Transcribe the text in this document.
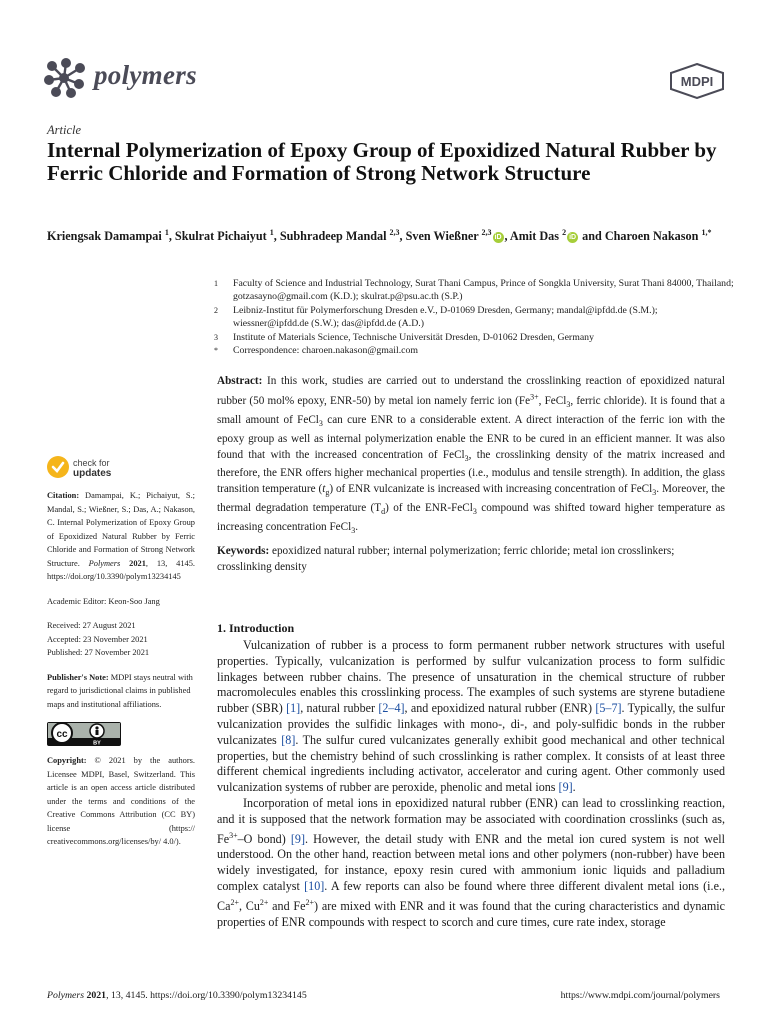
polymers	MDPI
Article
Internal Polymerization of Epoxy Group of Epoxidized Natural Rubber by Ferric Chloride and Formation of Strong Network Structure
Kriengsak Damampai $^1$, Skulrat Pichaiyut $^1$, Subhradeep Mandal $^{2,3}$, Sven Wießner $^{2,3}$iD , Amit Das $^2$iD and Charoen Nakason $^{1,*}$
1	Faculty of Science and Industrial Technology, Surat Thani Campus, Prince of Songkla University, Surat Thani 84000, Thailand; gotzasayno@gmail.com (K.D.); skulrat.p@psu.ac.th (S.P.)
2	Leibniz-Institut für Polymerforschung Dresden e.V., D-01069 Dresden, Germany; mandal@ipfdd.de (S.M.); wiessner@ipfdd.de (S.W.); das@ipfdd.de (A.D.)
3	Institute of Materials Science, Technische Universität Dresden, D-01062 Dresden, Germany
*	Correspondence: charoen.nakason@gmail.com
Abstract: In this work, studies are carried out to understand the crosslinking reaction of epoxidized natural rubber (50 mol% epoxy, ENR-50) by metal ion namely ferric ion ($Fe^{3+}$, FeCl$_3$, ferric chloride). It is found that a small amount of FeCl$_3$ can cure ENR to a considerable extent. A direct interaction of the ferric ion with the epoxy group as well as internal polymerization enable the ENR to be cured in an efficient manner. It was also found that with the increased concentration of FeCl$_3$, the crosslinking density of the matrix increased and therefore, the ENR offers higher mechanical properties (i.e., modulus and tensile strength). In addition, the glass transition temperature $(t_g)$ of ENR vulcanizate is increased with increasing concentration of FeCl$_3$. Moreover, the thermal degradation temperature $(T_d)$ of the ENR-FeCl$_3$ compound was shifted toward higher temperature as increasing concentration FeCl$_3$.
Keywords: epoxidized natural rubber; internal polymerization; ferric chloride; metal ion crosslinkers; crosslinking density
check for
updates
Citation: Damampai, K.; Pichaiyut, S.; Mandal, S.; Wießner, S.; Das, A.; Nakason, C. Internal Polymerization of Epoxy Group of Epoxidized Natural Rubber by Ferric Chloride and Formation of Strong Network Structure. Polymers 2021, 13, 4145. https://doi.org/10.3390/polym13234145
Academic Editor: Keon-Soo Jang
Received: 27 August 2021
Accepted: 23 November 2021
Published: 27 November 2021
Publisher's Note: MDPI stays neutral with regard to jurisdictional claims in published maps and institutional affiliations.
cc
BY
Copyright: © 2021 by the authors. Licensee MDPI, Basel, Switzerland. This article is an open access article distributed under the terms and conditions of the Creative Commons Attribution (CC BY) license (https:// creativecommons.org/licenses/by/ 4.0/).
1. Introduction

Vulcanization of rubber is a process to form permanent rubber network structures with useful properties. Typically, vulcanization is performed by sulfur vulcanization process to form sulfidic linkages between rubber chains. The presence of unsaturation in the chemical structure of rubber macromolecules enables this crosslinking process. The examples of such systems are styrene butadiene rubber (SBR) [1], natural rubber [2–4], and epoxidized natural rubber (ENR) [5–7]. Typically, the sulfur vulcanization provides the sulfidic linkages with mono-, di-, and poly-sulfidic bonds in the rubber vulcanizates [8]. The sulfur cured vulcanizates generally exhibit good mechanical and other technical properties, but the chemistry behind of such crosslinking is rather complex. It consists of at least three different chemical ingredients including activator, accelerator and curing agent. Other commonly used vulcanization systems of rubber are peroxide, phenolic and metal ions [9].

Incorporation of metal ions in epoxidized natural rubber (ENR) can lead to crosslinking reaction, and it is supposed that the network formation may be associated with coordination crosslinks (such as, $Fe^{3+}-O$ bond) [9]. However, the detail study with ENR and the metal ion cured system is not well understood. On the other hand, reaction between metal ions and other polymers (non-rubber) have been widely investigated, for instance, epoxy resin cured with ammonium ionic liquids and palladium complex catalyst [10]. A few reports can also be found where three different divalent metal ions (i.e., $Ca^{2+}$, $Cu^{2+}$ and $Fe^{2+}$) are mixed with ENR and it was found that the curing characteristics and dynamic properties of ENR compounds with respect to scorch and cure times, cure rate index, storage

Polymers 2021, 13, 4145. https://doi.org/10.3390/polym13234145	https://www.mdpi.com/journal/polymers
